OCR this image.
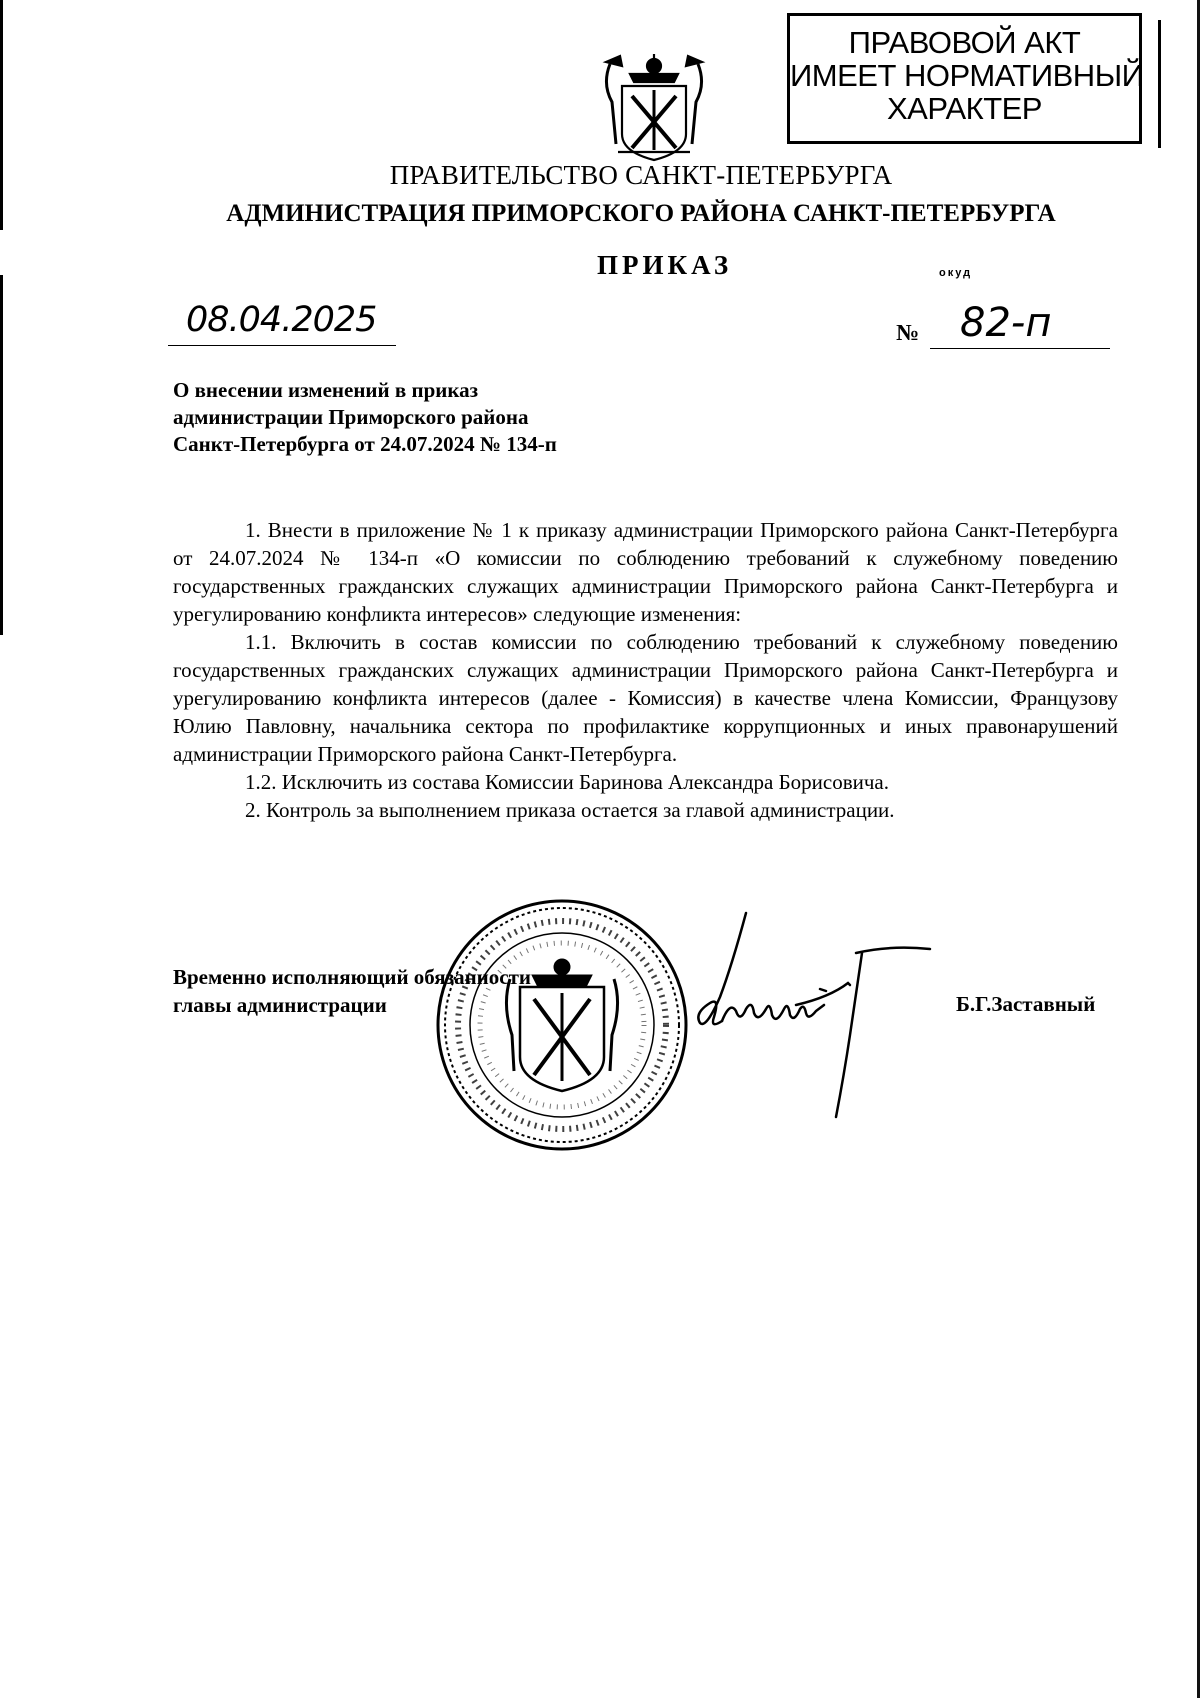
ПРАВОВОЙ АКТ
ИМЕЕТ НОРМАТИВНЫЙ
ХАРАКТЕР
ПРАВИТЕЛЬСТВО САНКТ-ПЕТЕРБУРГА
АДМИНИСТРАЦИЯ ПРИМОРСКОГО РАЙОНА САНКТ-ПЕТЕРБУРГА
ПРИКАЗ	окуд
08.04.2025	№ 82-п
О внесении изменений в приказ
администрации Приморского района
Санкт-Петербурга от 24.07.2024 № 134-п
1. Внести в приложение № 1 к приказу администрации Приморского района Санкт-Петербурга от 24.07.2024 № 134-п «О комиссии по соблюдению требований к служебному поведению государственных гражданских служащих администрации Приморского района Санкт-Петербурга и урегулированию конфликта интересов» следующие изменения:
1.1. Включить в состав комиссии по соблюдению требований к служебному поведению государственных гражданских служащих администрации Приморского района Санкт-Петербурга и урегулированию конфликта интересов (далее - Комиссия) в качестве члена Комиссии, Французову Юлию Павловну, начальника сектора по профилактике коррупционных и иных правонарушений администрации Приморского района Санкт-Петербурга.
1.2. Исключить из состава Комиссии Баринова Александра Борисовича.
2. Контроль за выполнением приказа остается за главой администрации.
Временно исполняющий обязанности
главы администрации	Б.Г.Заставный
